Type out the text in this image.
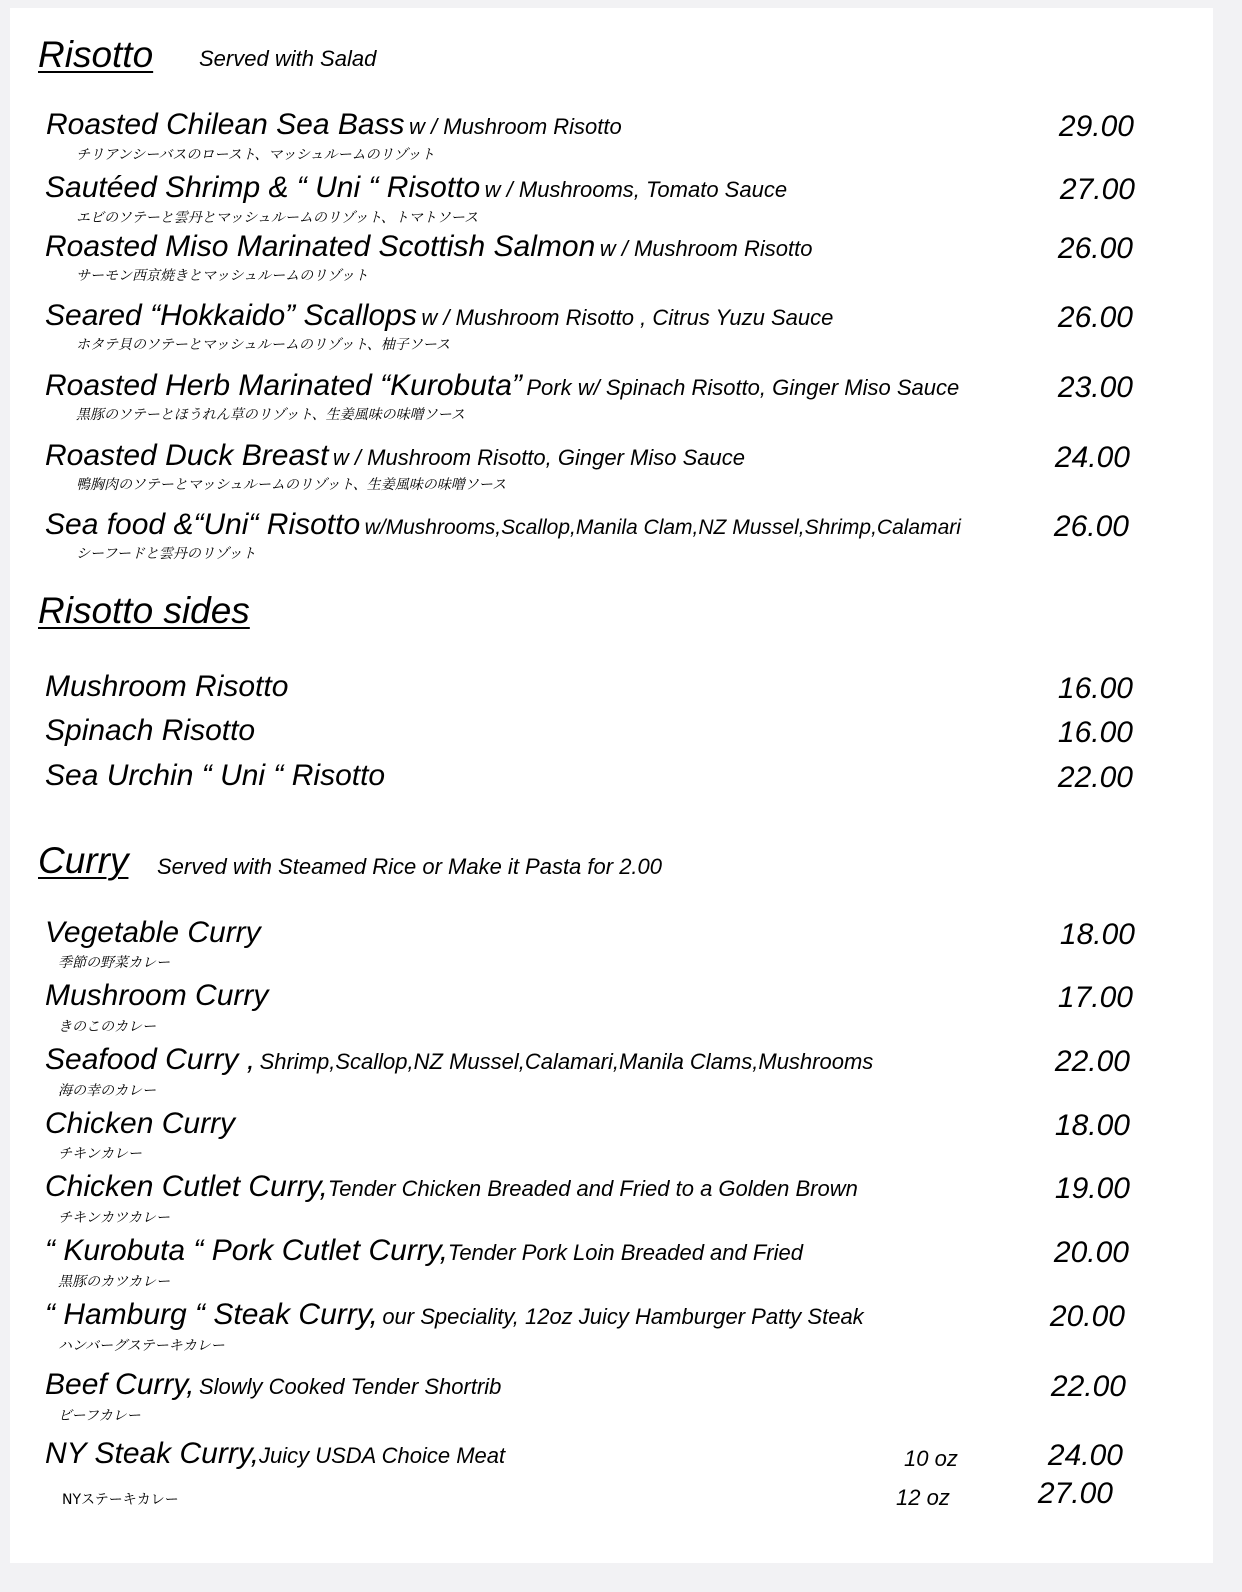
Risotto Served with Salad
Roasted Chilean Sea Bass w / Mushroom Risotto
チリアンシーバスのロースト、マッシュルームのリゾット
29.00
Sautéed Shrimp & “ Uni “ Risotto w / Mushrooms, Tomato Sauce
エビのソテーと雲丹とマッシュルームのリゾット、トマトソース
27.00
Roasted Miso Marinated Scottish Salmon w / Mushroom Risotto
サーモン西京焼きとマッシュルームのリゾット
26.00
Seared “Hokkaido” Scallops w / Mushroom Risotto , Citrus Yuzu Sauce
ホタテ貝のソテーとマッシュルームのリゾット、柚子ソース
26.00
Roasted Herb Marinated “Kurobuta” Pork w/ Spinach Risotto, Ginger Miso Sauce
黒豚のソテーとほうれん草のリゾット、生姜風味の味噌ソース
23.00
Roasted Duck Breast w / Mushroom Risotto, Ginger Miso Sauce
鴨胸肉のソテーとマッシュルームのリゾット、生姜風味の味噌ソース
24.00
Sea food &“Uni“ Risotto w/Mushrooms,Scallop,Manila Clam,NZ Mussel,Shrimp,Calamari
シーフードと雲丹のリゾット
26.00
Risotto sides
Mushroom Risotto	16.00
Spinach Risotto	16.00
Sea Urchin “ Uni “ Risotto	22.00
Curry	Served with Steamed Rice or Make it Pasta for 2.00
Vegetable Curry
季節の野菜カレー
18.00
Mushroom Curry
きのこのカレー
17.00
Seafood Curry , Shrimp,Scallop,NZ Mussel,Calamari,Manila Clams,Mushrooms
海の幸のカレー
22.00
Chicken Curry
チキンカレー
18.00
Chicken Cutlet Curry,Tender Chicken Breaded and Fried to a Golden Brown
チキンカツカレー
19.00
“ Kurobuta “ Pork Cutlet Curry,Tender Pork Loin Breaded and Fried
黒豚のカツカレー
20.00
“ Hamburg “ Steak Curry, our Speciality, 12oz Juicy Hamburger Patty Steak
ハンバーグステーキカレー
20.00
Beef Curry, Slowly Cooked Tender Shortrib
ビーフカレー
22.00
NY Steak Curry,Juicy USDA Choice Meat	10 oz	24.00
NYステーキカレー	12 oz	27.00
